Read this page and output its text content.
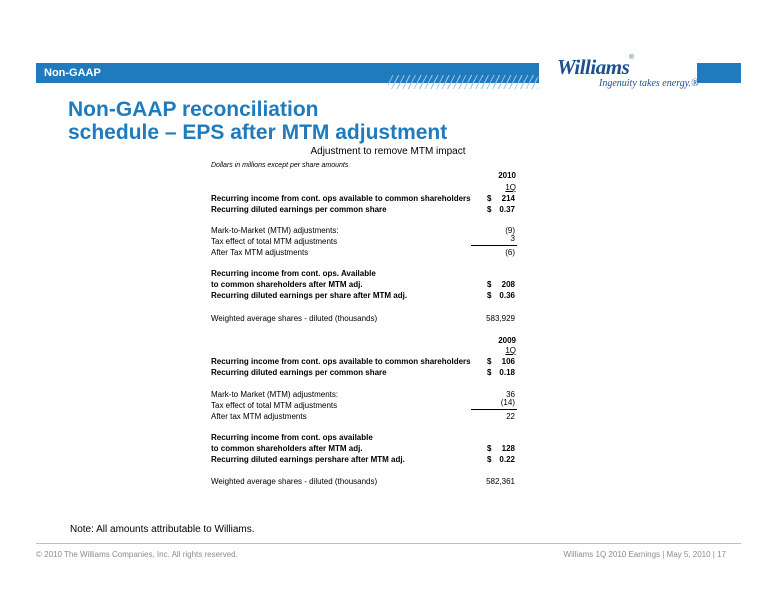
Non-GAAP	Williams®
Ingenuity takes energy.®
Non-GAAP reconciliation
schedule – EPS after MTM adjustment
Adjustment to remove MTM impact
Dollars in millions except per share amounts
2010
1Q
Recurring income from cont. ops available to common shareholders $	214
Recurring diluted earnings per common share	$ 0.37
Mark-to-Market (MTM) adjustments:	(9)
Tax effect of total MTM adjustments	3
After Tax MTM adjustments	(6)
Recurring income from cont. ops. Available
to common shareholders after MTM adj.	$	208
Recurring diluted earnings per share after MTM adj.	$ 0.36
Weighted average shares - diluted (thousands)	583,929
2009
1Q
Recurring income from cont. ops available to common shareholders $	106
Recurring diluted earnings per common share	$ 0.18
Mark-to Market (MTM) adjustments:	36
Tax effect of total MTM adjustments	(14)
After tax MTM adjustments	22
Recurring income from cont. ops available
to common shareholders after MTM adj.	$	128
Recurring diluted earnings pershare after MTM adj.	$ 0.22
Weighted average shares - diluted (thousands)	582,361
Note: All amounts attributable to Williams.
© 2010 The Williams Companies, Inc. All rights reserved.	Williams 1Q 2010 Earnings | May 5, 2010 | 17
